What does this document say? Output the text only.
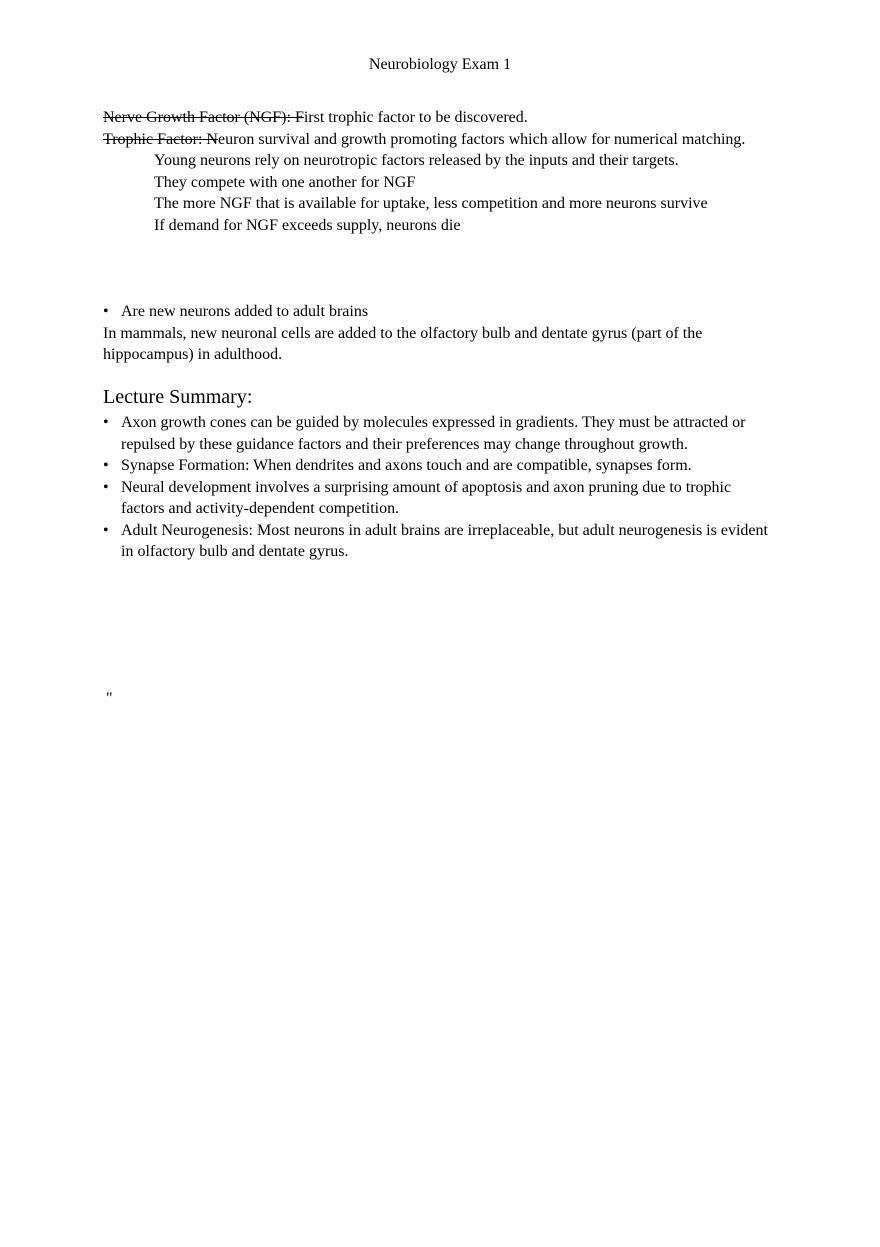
Neurobiology Exam 1
Nerve Growth Factor (NGF): First trophic factor to be discovered.
Trophic Factor: Neuron survival and growth promoting factors which allow for numerical matching.
Young neurons rely on neurotropic factors released by the inputs and their targets.
They compete with one another for NGF
The more NGF that is available for uptake, less competition and more neurons survive
If demand for NGF exceeds supply, neurons die
• Are new neurons added to adult brains
In mammals, new neuronal cells are added to the olfactory bulb and dentate gyrus (part of the hippocampus) in adulthood.
Lecture Summary:
• Axon growth cones can be guided by molecules expressed in gradients. They must be attracted or repulsed by these guidance factors and their preferences may change throughout growth.
• Synapse Formation: When dendrites and axons touch and are compatible, synapses form.
• Neural development involves a surprising amount of apoptosis and axon pruning due to trophic factors and activity-dependent competition.
• Adult Neurogenesis: Most neurons in adult brains are irreplaceable, but adult neurogenesis is evident in olfactory bulb and dentate gyrus.
"
